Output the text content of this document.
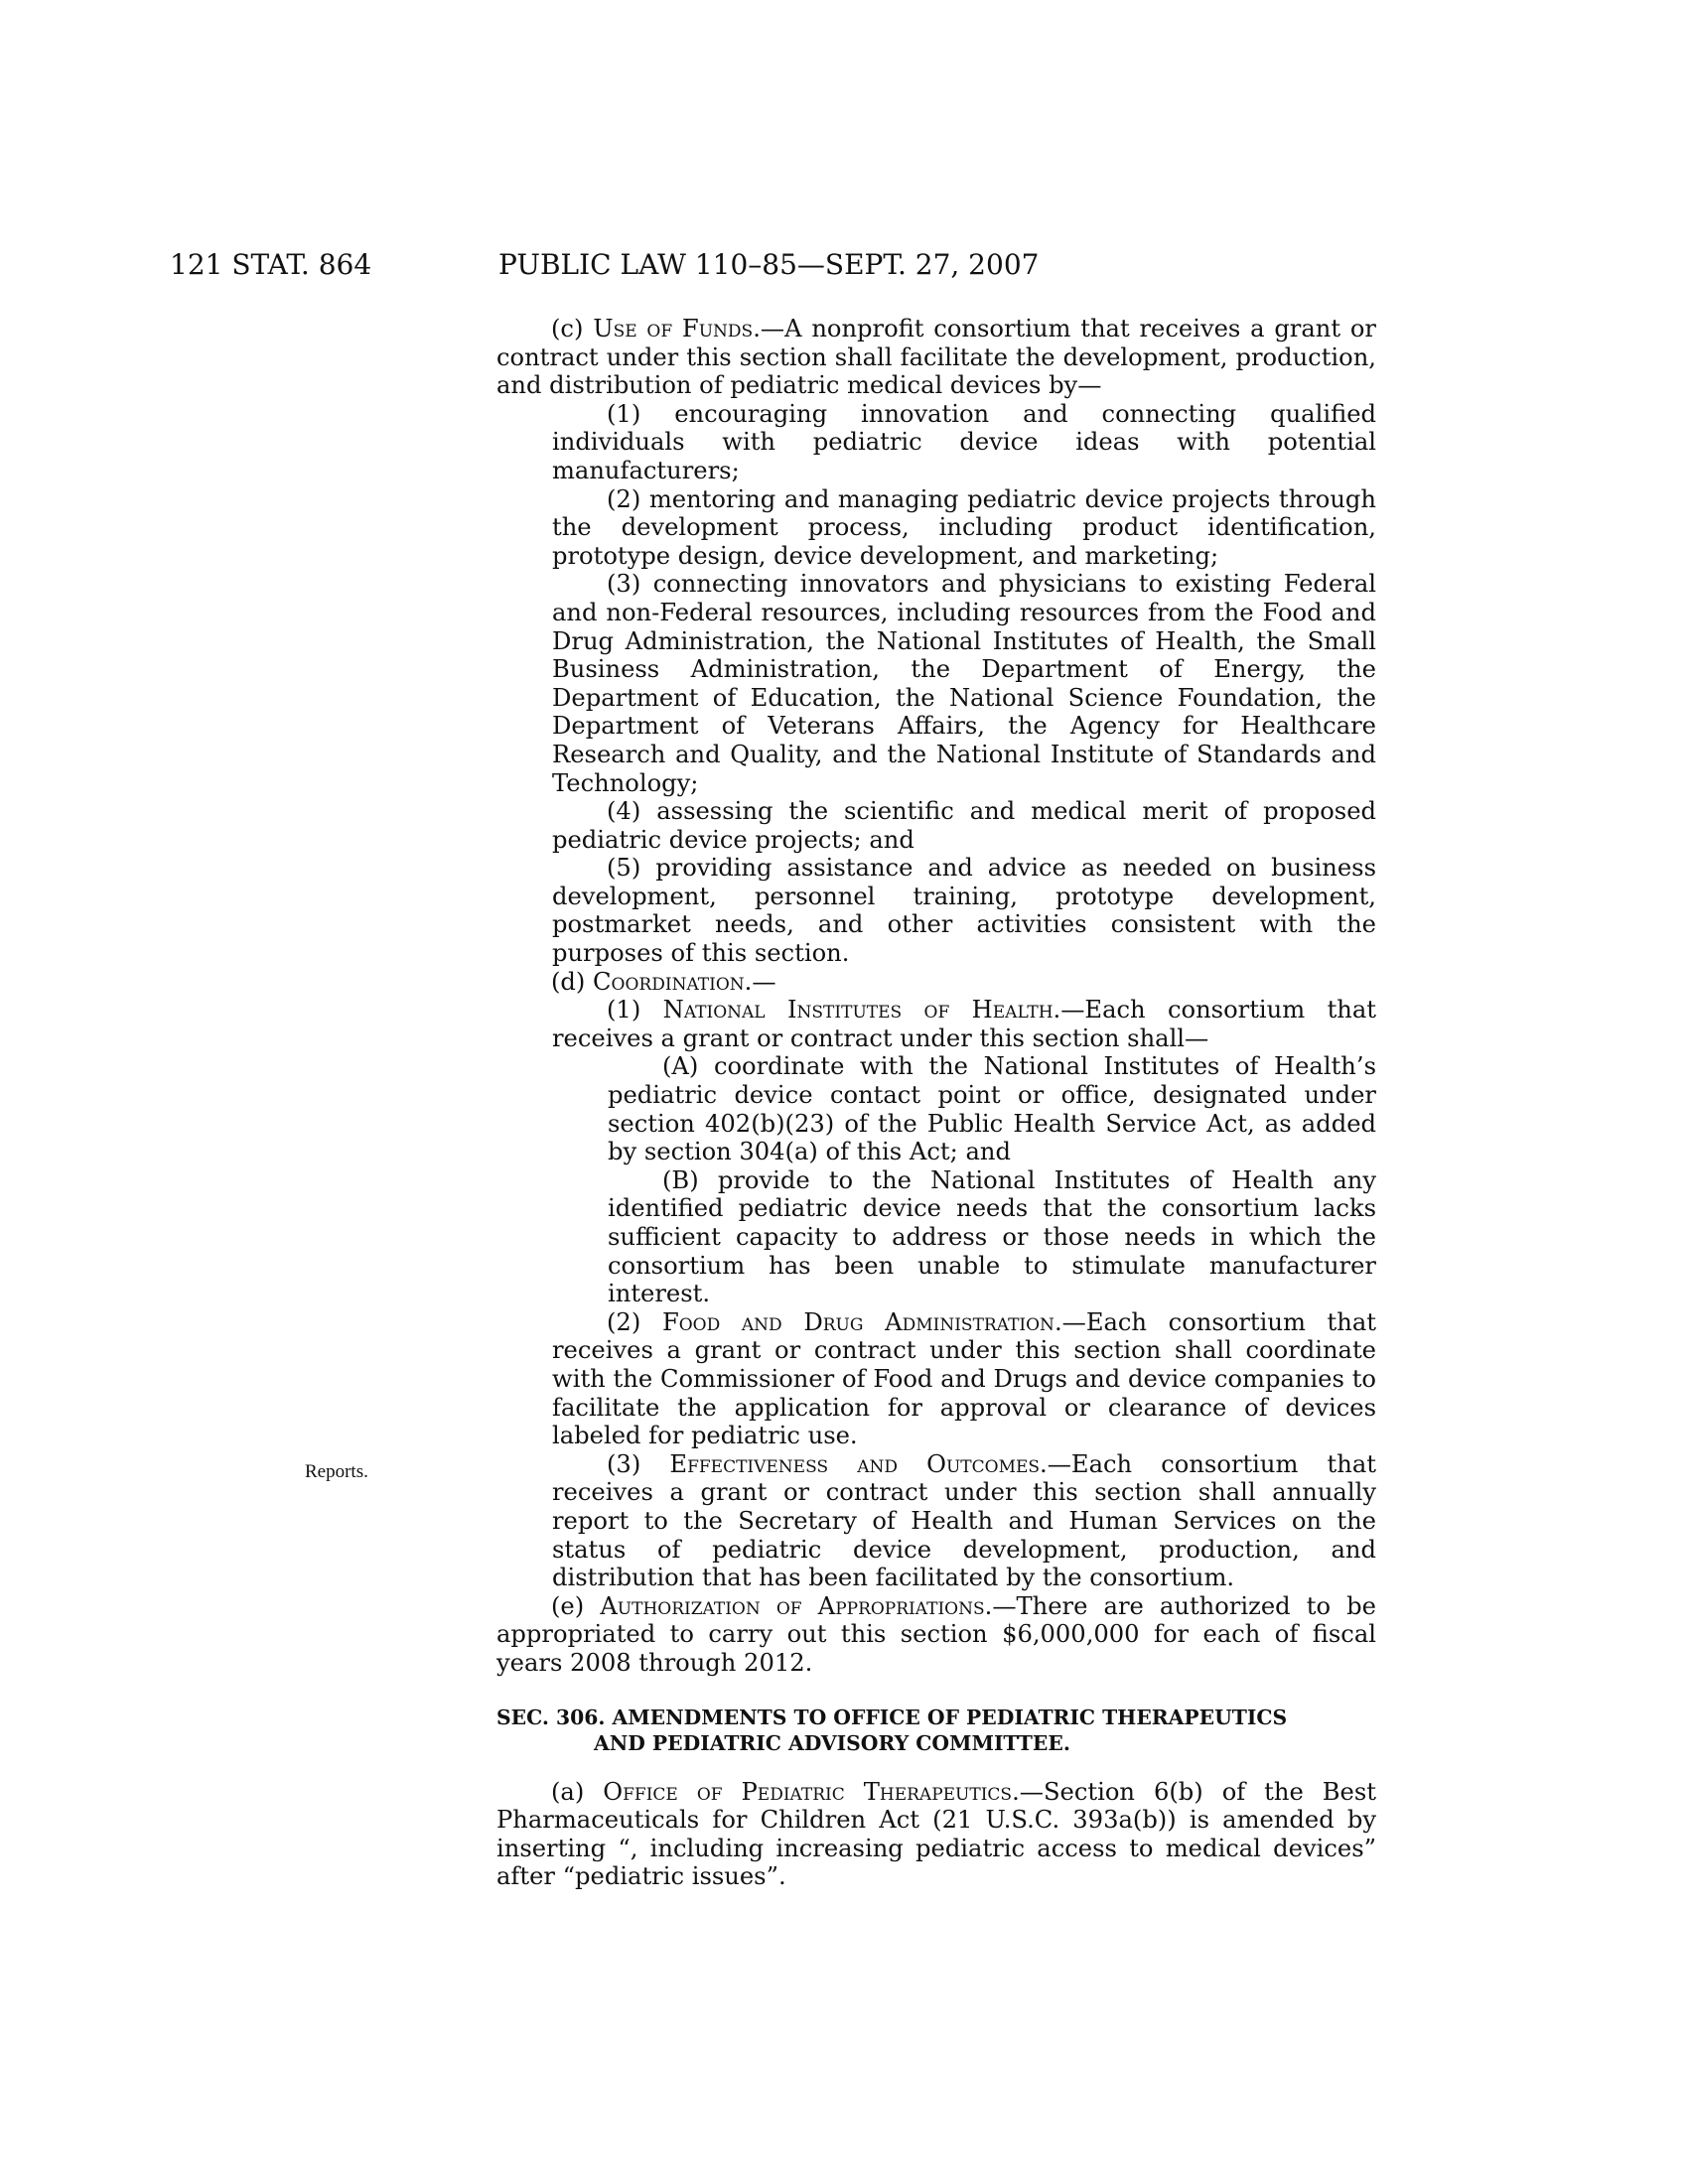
121 STAT. 864	PUBLIC LAW 110–85—SEPT. 27, 2007
Reports.

(c) Use of Funds.—A nonprofit consortium that receives a grant or contract under this section shall facilitate the development, production, and distribution of pediatric medical devices by—

(1) encouraging innovation and connecting qualified individuals with pediatric device ideas with potential manufacturers;

(2) mentoring and managing pediatric device projects through the development process, including product identification, prototype design, device development, and marketing;

(3) connecting innovators and physicians to existing Federal and non-Federal resources, including resources from the Food and Drug Administration, the National Institutes of Health, the Small Business Administration, the Department of Energy, the Department of Education, the National Science Foundation, the Department of Veterans Affairs, the Agency for Healthcare Research and Quality, and the National Institute of Standards and Technology;

(4) assessing the scientific and medical merit of proposed pediatric device projects; and

(5) providing assistance and advice as needed on business development, personnel training, prototype development, postmarket needs, and other activities consistent with the purposes of this section.

(d) Coordination.—

(1) National Institutes of Health.—Each consortium that receives a grant or contract under this section shall—

(A) coordinate with the National Institutes of Health’s pediatric device contact point or office, designated under section 402(b)(23) of the Public Health Service Act, as added by section 304(a) of this Act; and

(B) provide to the National Institutes of Health any identified pediatric device needs that the consortium lacks sufficient capacity to address or those needs in which the consortium has been unable to stimulate manufacturer interest.

(2) Food and Drug Administration.—Each consortium that receives a grant or contract under this section shall coordinate with the Commissioner of Food and Drugs and device companies to facilitate the application for approval or clearance of devices labeled for pediatric use.

(3) Effectiveness and Outcomes.—Each consortium that receives a grant or contract under this section shall annually report to the Secretary of Health and Human Services on the status of pediatric device development, production, and distribution that has been facilitated by the consortium.

(e) Authorization of Appropriations.—There are authorized to be appropriated to carry out this section $6,000,000 for each of fiscal years 2008 through 2012.

SEC. 306. AMENDMENTS TO OFFICE OF PEDIATRIC THERAPEUTICS
AND PEDIATRIC ADVISORY COMMITTEE.

(a) Office of Pediatric Therapeutics.—Section 6(b) of the Best Pharmaceuticals for Children Act (21 U.S.C. 393a(b)) is amended by inserting “, including increasing pediatric access to medical devices” after “pediatric issues”.
